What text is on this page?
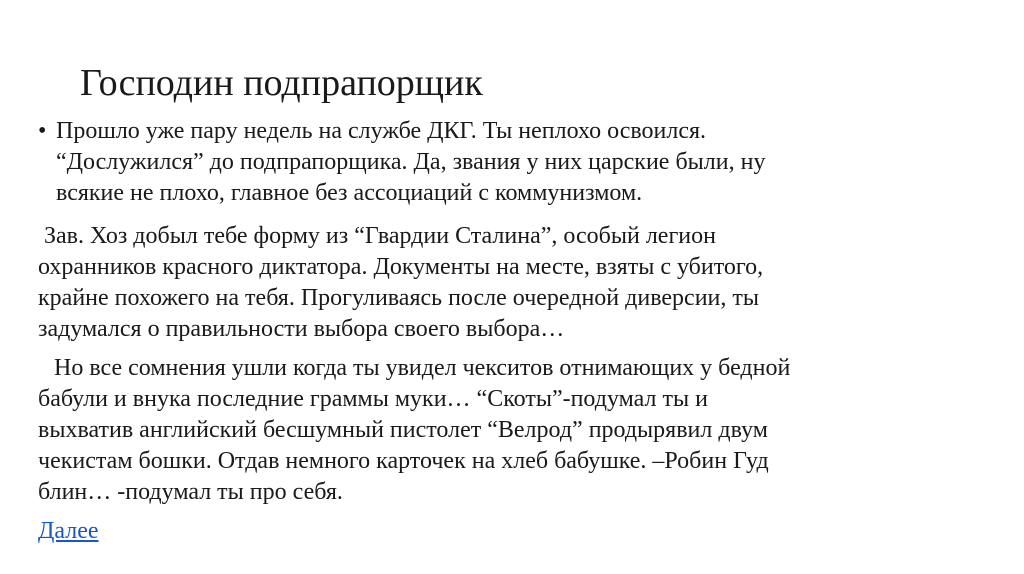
Господин подпрапорщик
• Прошло уже пару недель на службе ДКГ. Ты неплохо освоился.
“Дослужился” до подпрапорщика. Да, звания у них царские были, ну
всякие не плохо, главное без ассоциаций с коммунизмом.
Зав. Хоз добыл тебе форму из “Гвардии Сталина”, особый легион
охранников красного диктатора. Документы на месте, взяты с убитого,
крайне похожего на тебя. Прогуливаясь после очередной диверсии, ты
задумался о правильности выбора своего выбора…
Но все сомнения ушли когда ты увидел чекситов отнимающих у бедной
бабули и внука последние граммы муки… “Скоты”-подумал ты и
выхватив английский бесшумный пистолет “Велрод” продырявил двум
чекистам бошки. Отдав немного карточек на хлеб бабушке. –Робин Гуд
блин… -подумал ты про себя.
Далее
